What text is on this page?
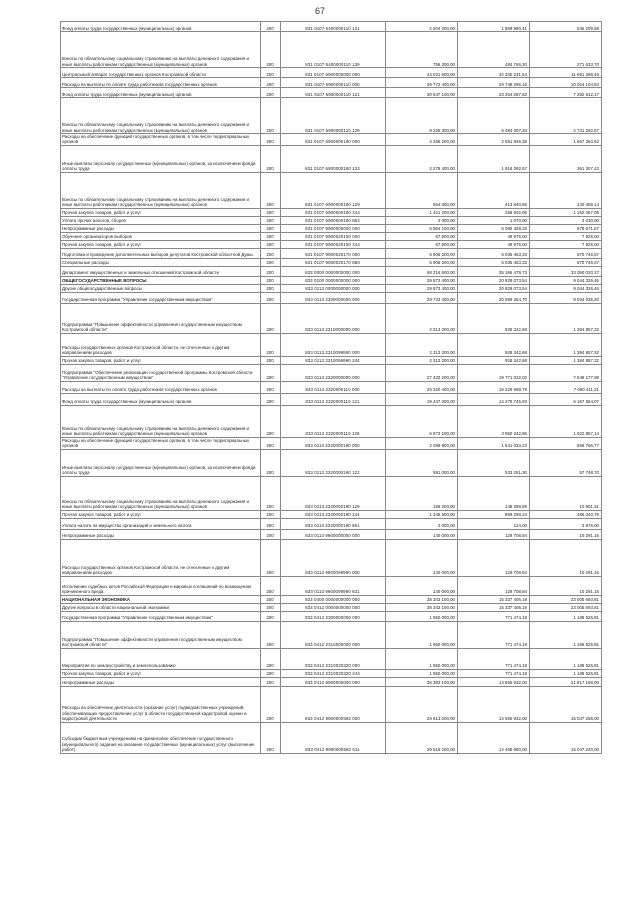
67
Фонд оплаты труда государственных (муниципальных) органов	200	831 0107 6400000110 121	2 504 200,00	1 858 990,41	645 209,59
Взносы по обязательному социальному страхованию на выплаты денежного содержания и иные выплаты работникам государственных (муниципальных) органов	200	831 0107 6400000110 129	756 300,00	484 766,30	271 533,70
Центральный аппарат государственных органов Костромской области	200	831 0107 6900000000 000	44 031 600,00	32 340 231,54	11 691 368,46
Расходы на выплаты по оплате труда работников государственных органов	200	831 0107 6900000110 000	39 772 400,00	29 748 295,16	10 024 104,84
Фонд оплаты труда государственных (муниципальных) органов	200	831 0107 6900000110 121	30 547 100,00	23 264 287,83	7 282 812,17
Взносы по обязательному социальному страхованию на выплаты денежного содержания и иные выплаты работникам государственных (муниципальных) органов	200	831 0107 6900000110 129	9 225 300,00	6 484 007,33	2 741 292,67
Расходы на обеспечение функций государственных органов, в том числе территориальных органов	200	831 0107 6900000190 000	4 259 200,00	2 591 936,38	1 667 263,62
Иные выплаты персоналу государственных (муниципальных) органов, за исключением фонда оплаты труда	200	831 0107 6900000190 122	2 279 400,00	1 918 092,57	361 307,43
Взносы по обязательному социальному страхованию на выплаты денежного содержания и иные выплаты работникам государственных (муниципальных) органов	200	831 0107 6900000190 129	554 300,00	413 840,86	140 459,14
Прочая закупка товаров, работ и услуг	200	831 0107 6900000190 244	1 421 200,00	258 932,95	1 162 267,05
Уплата прочих налогов, сборов	200	831 0107 6900000190 852	4 300,00	1 070,00	3 230,00
Непрограммные расходы	200	831 0107 9900000000 000	5 964 100,00	5 085 428,33	878 671,67
Обучение организаторов выборов	200	831 0107 9900020150 000	57 900,00	49 975,00	7 925,00
Прочая закупка товаров, работ и услуг	200	831 0107 9900020150 244	57 900,00	49 975,00	7 925,00
Подготовка и проведение дополнительных выборов депутатов Костромской областной Думы	200	831 0107 9900020170 000	5 906 200,00	5 035 453,33	870 746,67
Специальные расходы	200	831 0107 9900020170 880	5 906 200,00	5 035 453,33	870 746,67
Департамент имущественных и земельных отношений Костромской области	200	833 0000 0000000000 000	68 216 500,00	35 166 479,73	33 050 020,27
ОБЩЕГОСУДАРСТВЕННЫЕ ВОПРОСЫ	200	833 0100 0000000000 000	29 873 400,00	20 829 073,54	9 044 326,46
Другие общегосударственные вопросы	200	833 0113 0000000000 000	29 873 400,00	20 829 073,54	9 044 326,46
Государственная программа "Управление государственным имуществом"	200	833 0113 2300000000 000	29 733 400,00	20 699 364,70	9 034 035,30
Подпрограмма "Повышение эффективности управления государственным имуществом Костромской области"	200	833 0113 2310000000 000	2 313 200,00	928 342,68	1 384 857,32
Расходы государственных органов Костромской области, не отнесенные к другим направлениям расходов	200	833 0113 2310099990 000	2 313 200,00	928 342,68	1 384 857,32
Прочая закупка товаров, работ и услуг	200	833 0113 2310099990 244	2 313 200,00	928 342,68	1 384 857,32
Подпрограмма "Обеспечение реализации государственной программы Костромской области "Управление государственным имуществом"	200	833 0113 2320000000 000	27 420 200,00	19 771 022,02	7 649 177,98
Расходы на выплаты по оплате труда работников государственных органов	200	833 0113 2320000110 000	25 320 400,00	18 229 988,79	7 090 411,21
Фонд оплаты труда государственных (муниципальных) органов	200	833 0113 2320000110 121	19 447 300,00	14 279 745,93	5 167 554,07
Взносы по обязательному социальному страхованию на выплаты денежного содержания и иные выплаты работникам государственных (муниципальных) органов	200	833 0113 2320000110 129	5 873 100,00	3 950 242,86	1 922 857,14
Расходы на обеспечение функций государственных органов, в том числе территориальных органов	200	833 0113 2320000190 000	2 099 800,00	1 541 033,23	558 766,77
Иные выплаты персоналу государственных (муниципальных) органов, за исключением фонда оплаты труда	200	833 0113 2320000190 122	591 000,00	533 251,30	57 748,70
Взносы по обязательному социальному страхованию на выплаты денежного содержания и иные выплаты работникам государственных (муниципальных) органов	200	833 0113 2320000190 129	159 200,00	148 398,69	10 801,31
Прочая закупка товаров, работ и услуг	200	833 0113 2320000190 244	1 345 600,00	859 259,24	486 340,76
Уплата налога на имущество организаций и земельного налога	200	833 0113 2320000190 851	4 000,00	124,00	3 876,00
Непрограммные расходы	200	833 0113 9900000000 000	140 000,00	129 708,84	10 291,16
Расходы государственных органов Костромской области, не отнесенные к другим направлениям расходов	200	833 0113 9900099990 000	140 000,00	129 708,84	10 291,16
Исполнение судебных актов Российской Федерации и мировых соглашений по возмещению причиненного вреда	200	833 0113 9900099990 831	140 000,00	129 708,84	10 291,16
НАЦИОНАЛЬНАЯ ЭКОНОМИКА	200	833 0400 0000000000 000	38 343 100,00	15 337 406,19	23 005 693,81
Другие вопросы в области национальной экономики	200	833 0412 0000000000 000	38 343 100,00	15 337 406,19	23 005 693,81
Государственная программа "Управление государственным имуществом"	200	833 0412 2300000000 000	1 960 000,00	771 474,19	1 188 525,81
Подпрограмма "Повышение эффективности управления государственным имуществом Костромской области"	200	833 0412 2310000000 000	1 960 000,00	771 474,19	1 188 525,81
Мероприятия по землеустройству и землепользованию	200	833 0412 2310020320 000	1 960 000,00	771 474,19	1 188 525,81
Прочая закупка товаров, работ и услуг	200	833 0412 2310020320 244	1 960 000,00	771 474,19	1 188 525,81
Непрограммные расходы	200	833 0412 9900000000 000	36 383 100,00	14 565 932,00	21 817 168,00
Расходы на обеспечение деятельности (оказание услуг) подведомственных учреждений, обеспечивающих предоставление услуг в области государственной кадастровой оценки и кадастровой деятельности	200	833 0412 9900000592 000	29 613 200,00	14 565 932,00	15 047 268,00
Субсидии бюджетным учреждениям на финансовое обеспечение государственного (муниципального) задания на оказание государственных (муниципальных) услуг (выполнение работ)	200	833 0412 9900000592 611	29 516 200,00	14 468 980,00	15 047 220,00
